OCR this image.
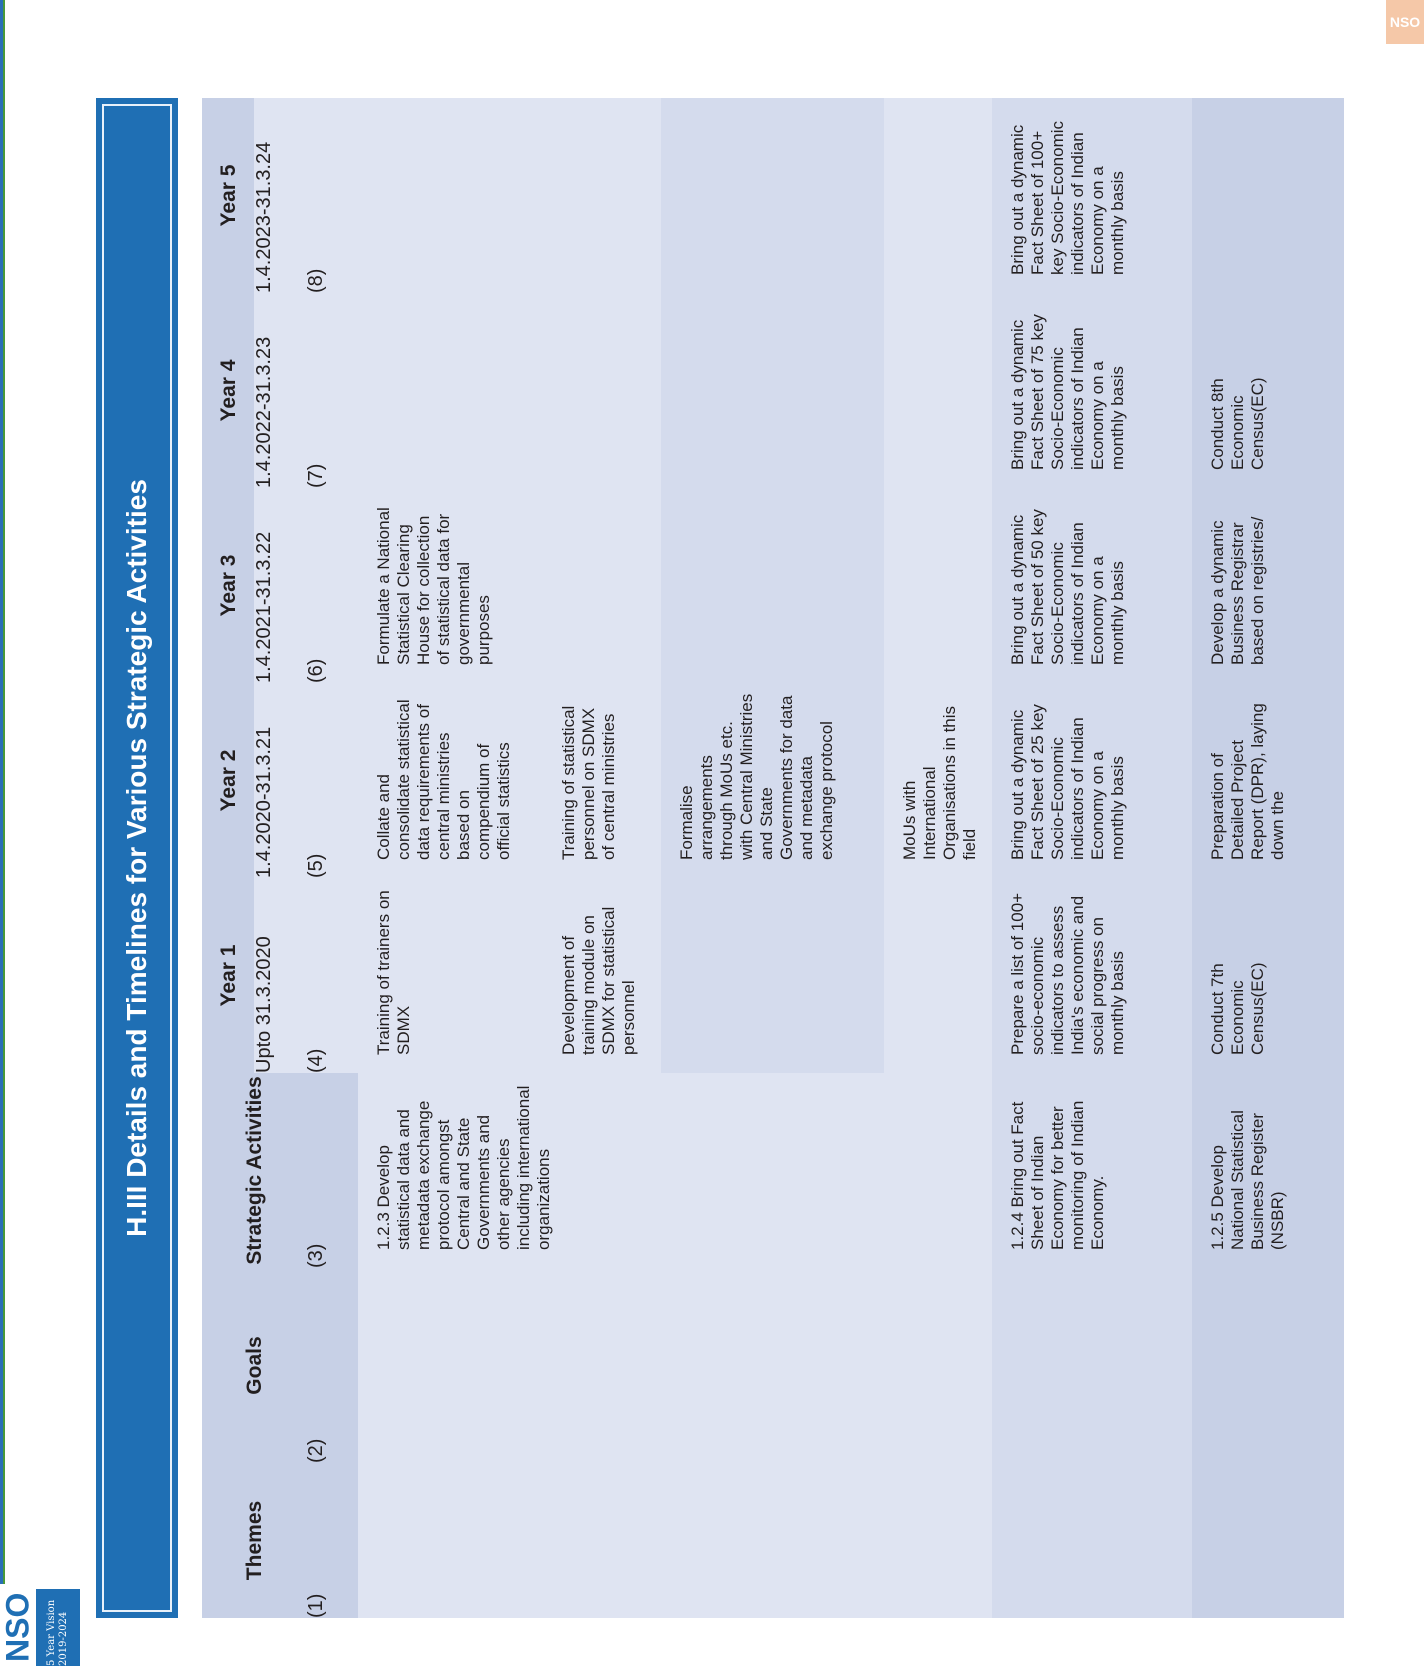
NSO
NSO	5 Year Vision 2019-2024
H.III Details and Timelines for Various Strategic Activities
Themes	Goals	Strategic Activities	Year 1	Year 2	Year 3	Year 4	Year 5
			Upto 31.3.2020	1.4.2020-31.3.21	1.4.2021-31.3.22	1.4.2022-31.3.23	1.4.2023-31.3.24
(1)	(2)	(3)	(4)	(5)	(6)	(7)	(8)
		1.2.3 Develop statistical data and metadata exchange protocol amongst Central and State Governments and other agencies including international organizations	Training of trainers on SDMX	Collate and consolidate statistical data requirements of central ministries based on compendium of official statistics	Formulate a National Statistical Clearing House for collection of statistical data for governmental purposes		
			Development of training module on SDMX for statistical personnel	Training of statistical personnel on SDMX of central ministries			
				Formalise arrangements through MoUs etc. with Central Ministries and State Governments for data and metadata exchange protocol			
				MoUs with International Organisations in this field			
		1.2.4 Bring out Fact Sheet of Indian Economy for better monitoring of Indian Economy.	Prepare a list of 100+ socio-economic indicators to assess India's economic and social progress on monthly basis	Bring out a dynamic Fact Sheet of 25 key Socio-Economic indicators of Indian Economy on a monthly basis	Bring out a dynamic Fact Sheet of 50 key Socio-Economic indicators of Indian Economy on a monthly basis	Bring out a dynamic Fact Sheet of 75 key Socio-Economic indicators of Indian Economy on a monthly basis	Bring out a dynamic Fact Sheet of 100+ key Socio-Economic indicators of Indian Economy on a monthly basis
		1.2.5 Develop National Statistical Business Register (NSBR)	Conduct 7th Economic Census(EC)	Preparation of Detailed Project Report (DPR), laying down the	Develop a dynamic Business Registrar based on registries/	Conduct 8th Economic Census(EC)	
